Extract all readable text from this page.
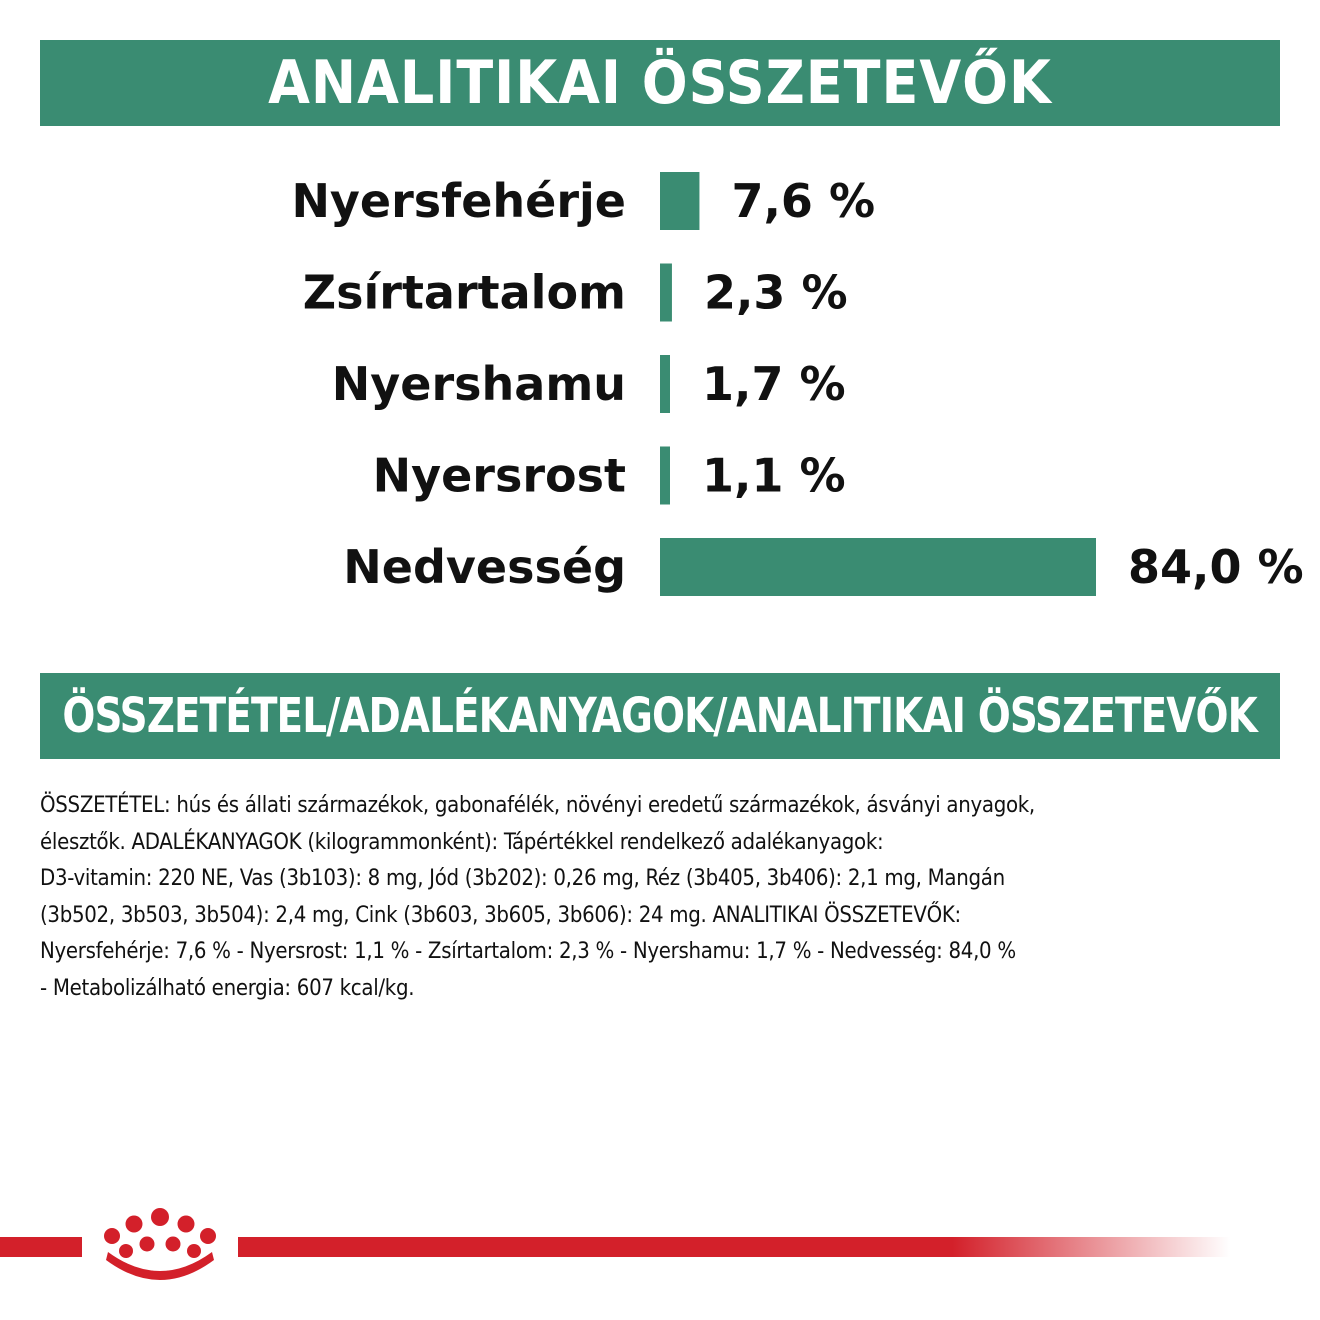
ANALITIKAI ÖSSZETEVŐK
Nyersfehérje 7,6 %
Zsírtartalom 2,3 %
Nyershamu 1,7 %
Nyersrost 1,1 %
Nedvesség	84,0 %
ÖSSZETÉTEL/ADALÉKANYAGOK/ANALITIKAI ÖSSZETEVŐK

ÖSSZETÉTEL: hús és állati származékok, gabonafélék, növényi eredetű származékok, ásványi anyagok,

élesztők. ADALÉKANYAGOK (kilogrammonként): Tápértékkel rendelkező adalékanyagok:

D3-vitamin: 220 NE, Vas (3b103): 8 mg, Jód (3b202): 0,26 mg, Réz (3b405, 3b406): 2,1 mg, Mangán

(3b502, 3b503, 3b504): 2,4 mg, Cink (3b603, 3b605, 3b606): 24 mg. ANALITIKAI ÖSSZETEVŐK:

Nyersfehérje: 7,6 % - Nyersrost: 1,1 % - Zsírtartalom: 2,3 % - Nyershamu: 1,7 % - Nedvesség: 84,0 %

- Metabolizálható energia: 607 kcal/kg.
